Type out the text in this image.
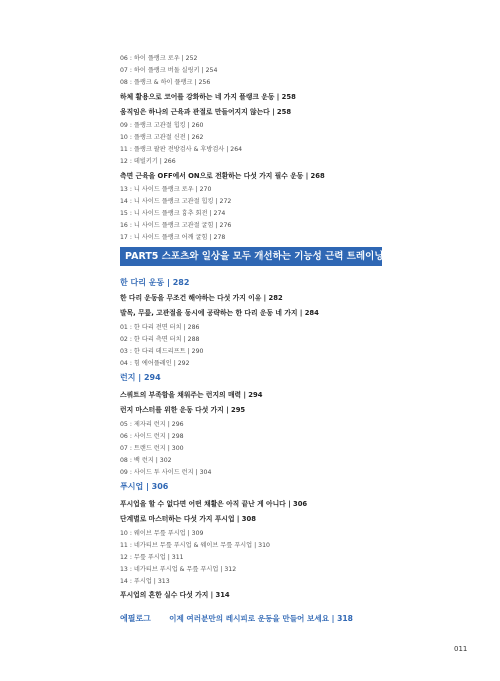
06 : 하이 플랭크 로우 | 252
07 : 하이 플랭크 버돌 실링키 | 254
08 : 플랭크 & 하이 플랭크 | 256
하체 활용으로 코어를 강화하는 네 가지 플랭크 운동 | 258
움직임은 하나의 근육과 관절로 만들어지지 않는다 | 258
09 : 플랭크 고관절 힙킹 | 260
10 : 플랭크 고관절 신전 | 262
11 : 플랭크 팔판 전방검사 & 후방검사 | 264
12 : 데빌키기 | 266
측면 근육을 OFF에서 ON으로 전환하는 다섯 가지 필수 운동 | 268
13 : 니 사이드 플랭크 로우 | 270
14 : 니 사이드 플랭크 고관절 힙킹 | 272
15 : 니 사이드 플랭크 흉추 회전 | 274
16 : 니 사이드 플랭크 고관절 굴힘 | 276
17 : 니 사이드 플랭크 어깨 굴힘 | 278
PART5 스포츠와 일상을 모두 개선하는 기능성 근력 트레이닝
한 다리 운동 | 282
한 다리 운동을 무조건 해야하는 다섯 가지 이유 | 282
발목, 무릎, 고관절을 동시에 공략하는 한 다리 운동 네 가지 | 284
01 : 한 다리 전면 터치 | 286
02 : 한 다리 측면 터치 | 288
03 : 한 다리 데드리프트 | 290
04 : 힘 에어플레인 | 292
런지 | 294
스쿼트의 부족함을 채워주는 런지의 매력 | 294
런지 마스터를 위한 운동 다섯 가지 | 295
05 : 제자리 런지 | 296
06 : 사이드 런지 | 298
07 : 트랜드 런지 | 300
08 : 백 런지 | 302
09 : 사이드 투 사이드 런지 | 304
푸시업 | 306
푸시업을 할 수 없다면 어떤 채활은 아직 끝난 게 아니다 | 306
단계별로 마스터하는 다섯 가지 푸시업 | 308
10 : 웨이브 무릎 푸시업 | 309
11 : 네가티브 무릎 푸시업 & 웨이브 무릎 푸시업 | 310
12 : 무릎 푸시업 | 311
13 : 네가티브 푸시업 & 무릎 푸시업 | 312
14 : 푸시업 | 313
푸시업의 흔한 실수 다섯 가지 | 314
에필로그 이제 여러분만의 레시피로 운동을 만들어 보세요 | 318
011
